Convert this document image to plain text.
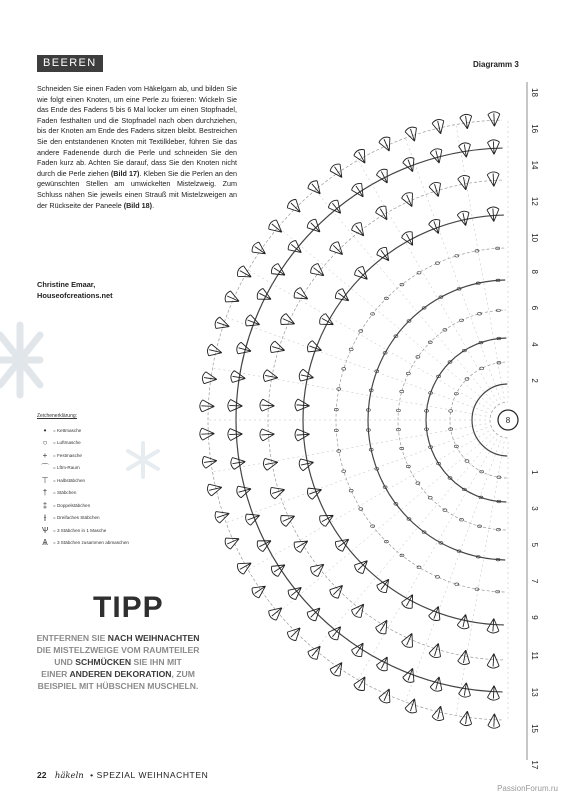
BEEREN

Schneiden Sie einen Faden vom Häkelgarn ab, und bilden Sie wie folgt einen Knoten, um eine Perle zu fixieren: Wickeln Sie das Ende des Fadens 5 bis 6 Mal locker um einen Stopfnadel, Faden festhalten und die Stopfnadel nach oben durchziehen, bis der Knoten am Ende des Fadens sitzen bleibt. Bestreichen Sie den entstandenen Knoten mit Textilkleber, führen Sie das andere Fadenende durch die Perle und schneiden Sie den Faden kurz ab. Achten Sie darauf, dass Sie den Knoten nicht durch die Perle ziehen (Bild 17). Kleben Sie die Perlen an den gewünschten Stellen am umwickelten Mistelzweig. Zum Schluss nähen Sie jeweils einen Strauß mit Mistelzweigen an der Rückseite der Paneele (Bild 18).

Christine Emaar,
Houseofcreations.net
Diagramm 3
Zeichenerklärung:
•	= Kettmasche
○	= Luftmasche
+	= Festmasche
⌒ = Lftm-Raum
⊤ = Halbstäbchen
†	= Stäbchen
‡	= Doppelstäbchen
⫲	= Dreifaches Stäbchen
Ѱ	= 3 Stäbchen in 1 Masche
Ѧ	= 3 Stäbchen zusammen abmaschen
8
18
16
14
12
10
8
6
4
2
1
3
5
7
9
11
13
15
17
TIPP
ENTFERNEN SIE NACH WEIHNACHTEN
DIE MISTELZWEIGE VOM RAUMTEILER
UND SCHMÜCKEN SIE IHN MIT
EINER ANDEREN DEKORATION, ZUM
BEISPIEL MIT HÜBSCHEN MUSCHELN.
22 häkeln • SPEZIAL WEIHNACHTEN
PassionForum.ru
